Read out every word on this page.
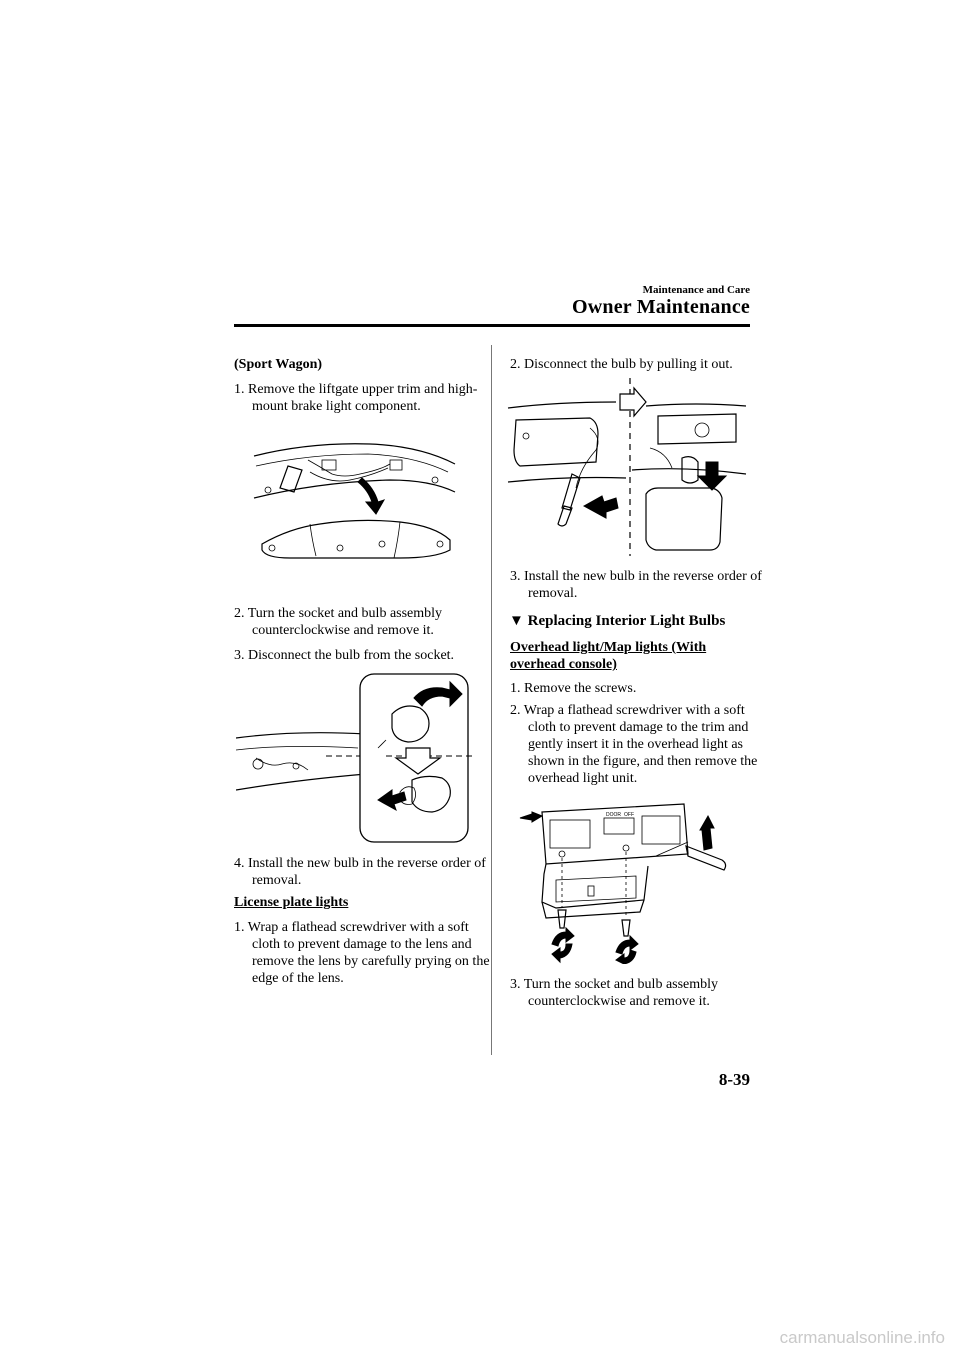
Maintenance and Care
Owner Maintenance
(Sport Wagon)
1. Remove the liftgate upper trim and high-mount brake light component.
2. Turn the socket and bulb assembly counterclockwise and remove it.
3. Disconnect the bulb from the socket.
4. Install the new bulb in the reverse order of removal.
License plate lights
1. Wrap a flathead screwdriver with a soft cloth to prevent damage to the lens and remove the lens by carefully prying on the edge of the lens.
2. Disconnect the bulb by pulling it out.
3. Install the new bulb in the reverse order of removal.
▼ Replacing Interior Light Bulbs
Overhead light/Map lights (With overhead console)
1. Remove the screws.
2. Wrap a flathead screwdriver with a soft cloth to prevent damage to the trim and gently insert it in the overhead light as shown in the figure, and then remove the overhead light unit.
DOOR OFF
3. Turn the socket and bulb assembly counterclockwise and remove it.
8-39
carmanualsonline.info
